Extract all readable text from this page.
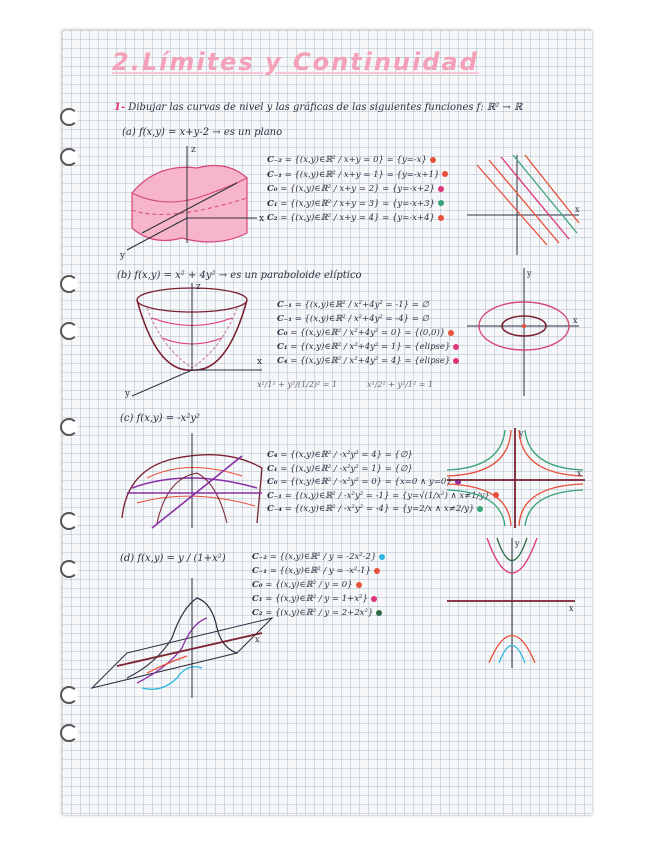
2.Límites y Continuidad
1- Dibujar las curvas de nivel y las gráficas de las siguientes funciones f: ℝ² → ℝ
(a) f(x,y) = x+y-2 → es un plano
(b) f(x,y) = x² + 4y² → es un paraboloide elíptico
(c) f(x,y) = -x²y²
(d) f(x,y) = y / (1+x²)
C₋₂ = {(x,y)∈ℝ² / x+y = 0} = {y=-x}
C₋₁ = {(x,y)∈ℝ² / x+y = 1} = {y=-x+1}
C₀ = {(x,y)∈ℝ² / x+y = 2} = {y=-x+2}
C₁ = {(x,y)∈ℝ² / x+y = 3} = {y=-x+3}
C₂ = {(x,y)∈ℝ² / x+y = 4} = {y=-x+4}
C₋₁ = {(x,y)∈ℝ² / x²+4y² = -1} = ∅
C₋₁ = {(x,y)∈ℝ² / x²+4y² = -4} = ∅
C₀ = {(x,y)∈ℝ² / x²+4y² = 0} = {(0,0)}
C₁ = {(x,y)∈ℝ² / x²+4y² = 1} = {elipse}
C₄ = {(x,y)∈ℝ² / x²+4y² = 4} = {elipse}
C₄ = {(x,y)∈ℝ² / -x²y² = 4} = {∅}
C₁ = {(x,y)∈ℝ² / -x²y² = 1} = {∅}
C₀ = {(x,y)∈ℝ² / -x²y² = 0} = {x=0 ∧ y=0}
C₋₁ = {(x,y)∈ℝ² / -x²y² = -1} = {y=√(1/x²) ∧ x≠1/y}
C₋₄ = {(x,y)∈ℝ² / -x²y² = -4} = {y=2/x ∧ x≠2/y}
C₋₂ = {(x,y)∈ℝ² / y = -2x²-2}
C₋₁ = {(x,y)∈ℝ² / y = -x²-1}
C₀ = {(x,y)∈ℝ² / y = 0}
C₁ = {(x,y)∈ℝ² / y = 1+x²}
C₂ = {(x,y)∈ℝ² / y = 2+2x²}
x²/1² + y²/(1/2)² = 1	x²/2² + y²/1² = 1
z
x
y
x
z
x
y
y
x
y
x
x
y
x
